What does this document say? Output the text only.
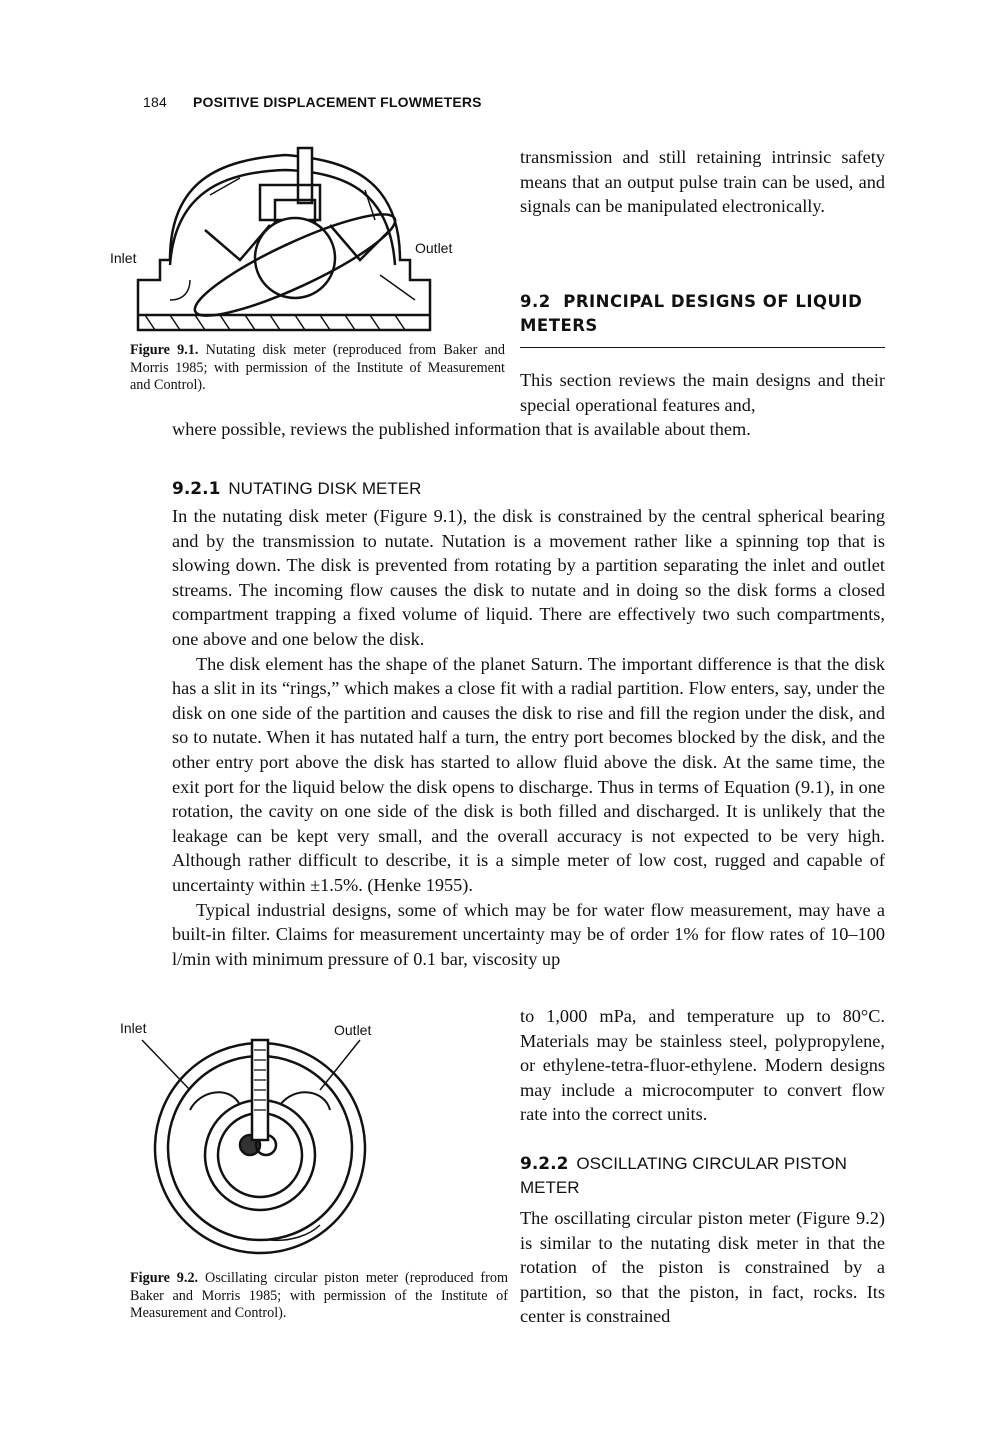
184 POSITIVE DISPLACEMENT FLOWMETERS
Inlet
Outlet
Figure 9.1. Nutating disk meter (reproduced from Baker and Morris 1985; with permission of the Institute of Measurement and Control).

transmission and still retaining intrinsic safety means that an output pulse train can be used, and signals can be manipulated electronically.

9.2 PRINCIPAL DESIGNS OF LIQUID METERS

This section reviews the main designs and their special operational features and,

where possible, reviews the published information that is available about them.

9.2.1 NUTATING DISK METER

In the nutating disk meter (Figure 9.1), the disk is constrained by the central spherical bearing and by the transmission to nutate. Nutation is a movement rather like a spinning top that is slowing down. The disk is prevented from rotating by a partition separating the inlet and outlet streams. The incoming flow causes the disk to nutate and in doing so the disk forms a closed compartment trapping a fixed volume of liquid. There are effectively two such compartments, one above and one below the disk.

The disk element has the shape of the planet Saturn. The important difference is that the disk has a slit in its “rings,” which makes a close fit with a radial partition. Flow enters, say, under the disk on one side of the partition and causes the disk to rise and fill the region under the disk, and so to nutate. When it has nutated half a turn, the entry port becomes blocked by the disk, and the other entry port above the disk has started to allow fluid above the disk. At the same time, the exit port for the liquid below the disk opens to discharge. Thus in terms of Equation (9.1), in one rotation, the cavity on one side of the disk is both filled and discharged. It is unlikely that the leakage can be kept very small, and the overall accuracy is not expected to be very high. Although rather difficult to describe, it is a simple meter of low cost, rugged and capable of uncertainty within ±1.5%. (Henke 1955).

Typical industrial designs, some of which may be for water flow measurement, may have a built-in filter. Claims for measurement uncertainty may be of order 1% for flow rates of 10–100 l/min with minimum pressure of 0.1 bar, viscosity up

to 1,000 mPa, and temperature up to 80°C. Materials may be stainless steel, polypropylene, or ethylene-tetra-fluor-ethylene. Modern designs may include a microcomputer to convert flow rate into the correct units.

Inlet	Outlet
Figure 9.2. Oscillating circular piston meter (reproduced from Baker and Morris 1985; with permission of the Institute of Measurement and Control).
9.2.2 OSCILLATING CIRCULAR PISTON METER

The oscillating circular piston meter (Figure 9.2) is similar to the nutating disk meter in that the rotation of the piston is constrained by a partition, so that the piston, in fact, rocks. Its center is constrained
